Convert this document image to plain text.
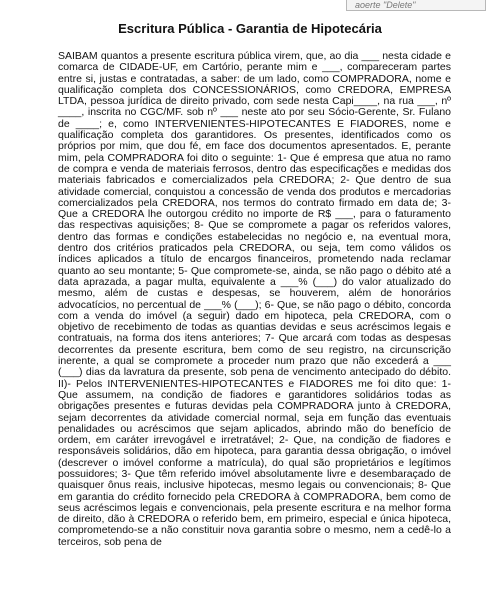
aoerte "Delete"
Escritura Pública - Garantia de Hipotecária

SAIBAM quantos a presente escritura pública virem, que, ao dia ___ nesta cidade e comarca de CIDADE-UF, em Cartório, perante mim e ___, compareceram partes entre si, justas e contratadas, a saber: de um lado, como COMPRADORA, nome e qualificação completa dos CONCESSIONÁRIOS, como CREDORA, EMPRESA LTDA, pessoa jurídica de direito privado, com sede nesta Capi____, na rua ___, nº ____, inscrita no CGC/MF. sob nº ___ neste ato por seu Sócio-Gerente, Sr. Fulano de ____; e, como INTERVENIENTES-HIPOTECANTES E FIADORES, nome e qualificação completa dos garantidores. Os presentes, identificados como os próprios por mim, que dou fé, em face dos documentos apresentados. E, perante mim, pela COMPRADORA foi dito o seguinte: 1- Que é empresa que atua no ramo de compra e venda de materiais ferrosos, dentro das especificações e medidas dos materiais fabricados e comercializados pela CREDORA; 2- Que dentro de sua atividade comercial, conquistou a concessão de venda dos produtos e mercadorias comercializados pela CREDORA, nos termos do contrato firmado em data de; 3- Que a CREDORA lhe outorgou crédito no importe de R$ ___, para o faturamento das respectivas aquisições; 8- Que se compromete a pagar os referidos valores, dentro das formas e condições estabelecidas no negócio e, na eventual mora, dentro dos critérios praticados pela CREDORA, ou seja, tem como válidos os índices aplicados a título de encargos financeiros, prometendo nada reclamar quanto ao seu montante; 5- Que compromete-se, ainda, se não pago o débito até a data aprazada, a pagar multa, equivalente a ___% (___) do valor atualizado do mesmo, além de custas e despesas, se houverem, além de honorários advocatícios, no percentual de ___% (___); 6- Que, se não pago o débito, concorda com a venda do imóvel (a seguir) dado em hipoteca, pela CREDORA, com o objetivo de recebimento de todas as quantias devidas e seus acréscimos legais e contratuais, na forma dos itens anteriores; 7- Que arcará com todas as despesas decorrentes da presente escritura, bem como de seu registro, na circunscrição inerente, a qual se compromete a proceder num prazo que não excederá a ___ (___) dias da lavratura da presente, sob pena de vencimento antecipado do débito. II)- Pelos INTERVENIENTES-HIPOTECANTES e FIADORES me foi dito que: 1- Que assumem, na condição de fiadores e garantidores solidários todas as obrigações presentes e futuras devidas pela COMPRADORA junto à CREDORA, sejam decorrentes da atividade comercial normal, seja em função das eventuais penalidades ou acréscimos que sejam aplicados, abrindo mão do benefício de ordem, em caráter irrevogável e irretratável; 2- Que, na condição de fiadores e responsáveis solidários, dão em hipoteca, para garantia dessa obrigação, o imóvel (descrever o imóvel conforme a matrícula), do qual são proprietários e legítimos possuidores; 3- Que têm referido imóvel absolutamente livre e desembaraçado de quaisquer ônus reais, inclusive hipotecas, mesmo legais ou convencionais; 8- Que em garantia do crédito fornecido pela CREDORA à COMPRADORA, bem como de seus acréscimos legais e convencionais, pela presente escritura e na melhor forma de direito, dão à CREDORA o referido bem, em primeiro, especial e única hipoteca, comprometendo-se a não constituir nova garantia sobre o mesmo, nem a cedê-lo a terceiros, sob pena de
